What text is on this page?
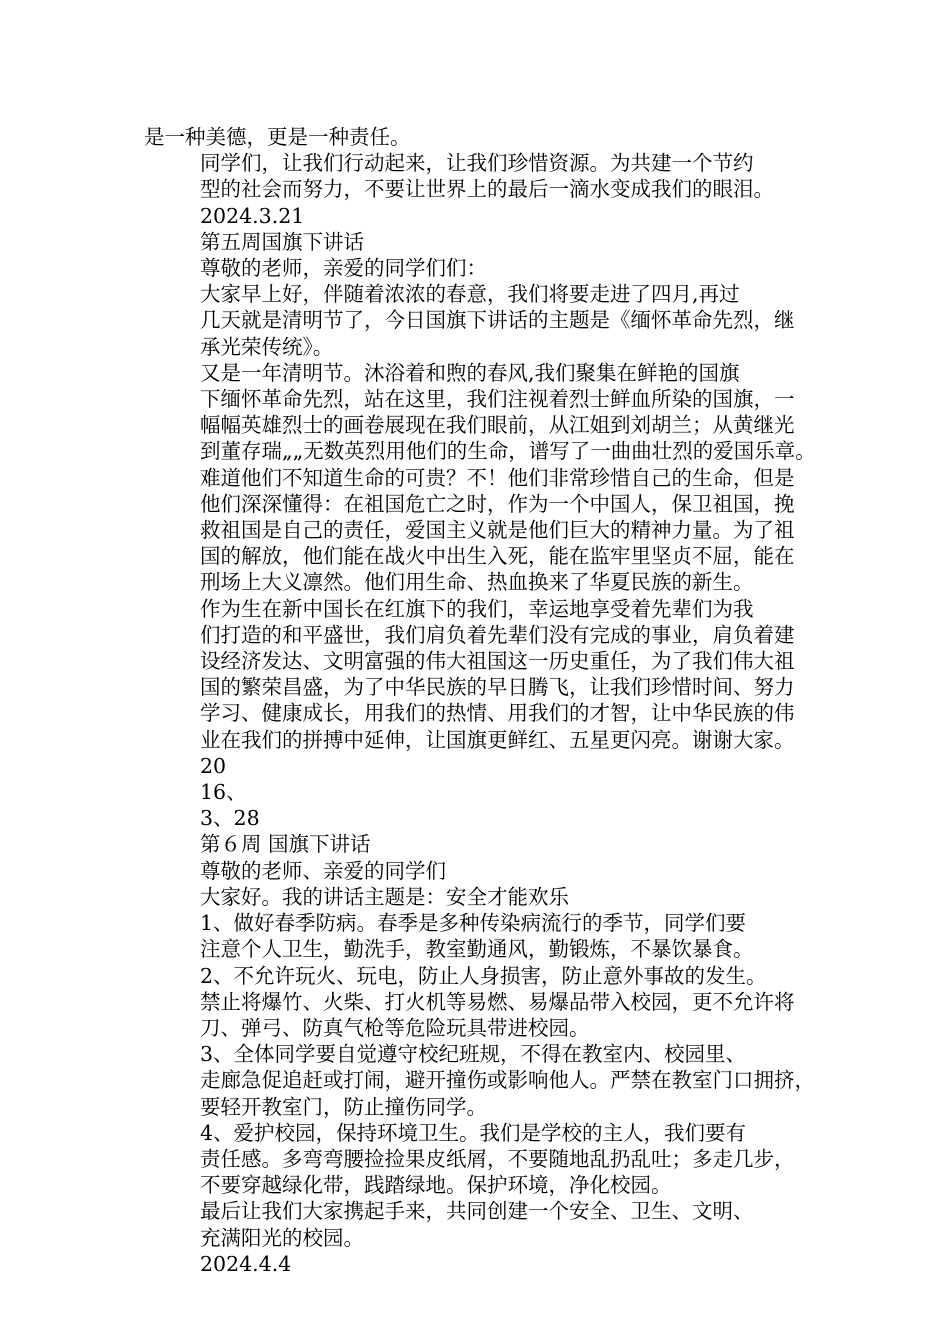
是一种美德，更是一种责任。
同学们，让我们行动起来，让我们珍惜资源。为共建一个节约
型的社会而努力，不要让世界上的最后一滴水变成我们的眼泪。
2024.3.21
第五周国旗下讲话
尊敬的老师，亲爱的同学们们：
大家早上好，伴随着浓浓的春意，我们将要走进了四月,再过
几天就是清明节了，今日国旗下讲话的主题是《缅怀革命先烈，继
承光荣传统》。
又是一年清明节。沐浴着和煦的春风,我们聚集在鲜艳的国旗
下缅怀革命先烈，站在这里，我们注视着烈士鲜血所染的国旗，一
幅幅英雄烈士的画卷展现在我们眼前，从江姐到刘胡兰；从黄继光
到董存瑞„„无数英烈用他们的生命，谱写了一曲曲壮烈的爱国乐章。
难道他们不知道生命的可贵？不！他们非常珍惜自己的生命，但是
他们深深懂得：在祖国危亡之时，作为一个中国人，保卫祖国，挽
救祖国是自己的责任，爱国主义就是他们巨大的精神力量。为了祖
国的解放，他们能在战火中出生入死，能在监牢里坚贞不屈，能在
刑场上大义凛然。他们用生命、热血换来了华夏民族的新生。
作为生在新中国长在红旗下的我们，幸运地享受着先辈们为我
们打造的和平盛世，我们肩负着先辈们没有完成的事业，肩负着建
设经济发达、文明富强的伟大祖国这一历史重任，为了我们伟大祖
国的繁荣昌盛，为了中华民族的早日腾飞，让我们珍惜时间、努力
学习、健康成长，用我们的热情、用我们的才智，让中华民族的伟
业在我们的拼搏中延伸，让国旗更鲜红、五星更闪亮。谢谢大家。
20
16、
3、28
第６周 国旗下讲话
尊敬的老师、亲爱的同学们
大家好。我的讲话主题是：安全才能欢乐
1、做好春季防病。春季是多种传染病流行的季节，同学们要
注意个人卫生，勤洗手，教室勤通风，勤锻炼，不暴饮暴食。
2、不允许玩火、玩电，防止人身损害，防止意外事故的发生。
禁止将爆竹、火柴、打火机等易燃、易爆品带入校园，更不允许将
刀、弹弓、防真气枪等危险玩具带进校园。
3、全体同学要自觉遵守校纪班规，不得在教室内、校园里、
走廊急促追赶或打闹，避开撞伤或影响他人。严禁在教室门口拥挤，
要轻开教室门，防止撞伤同学。
4、爱护校园，保持环境卫生。我们是学校的主人，我们要有
责任感。多弯弯腰捡捡果皮纸屑，不要随地乱扔乱吐；多走几步，
不要穿越绿化带，践踏绿地。保护环境，净化校园。
最后让我们大家携起手来，共同创建一个安全、卫生、文明、
充满阳光的校园。
2024.4.4
